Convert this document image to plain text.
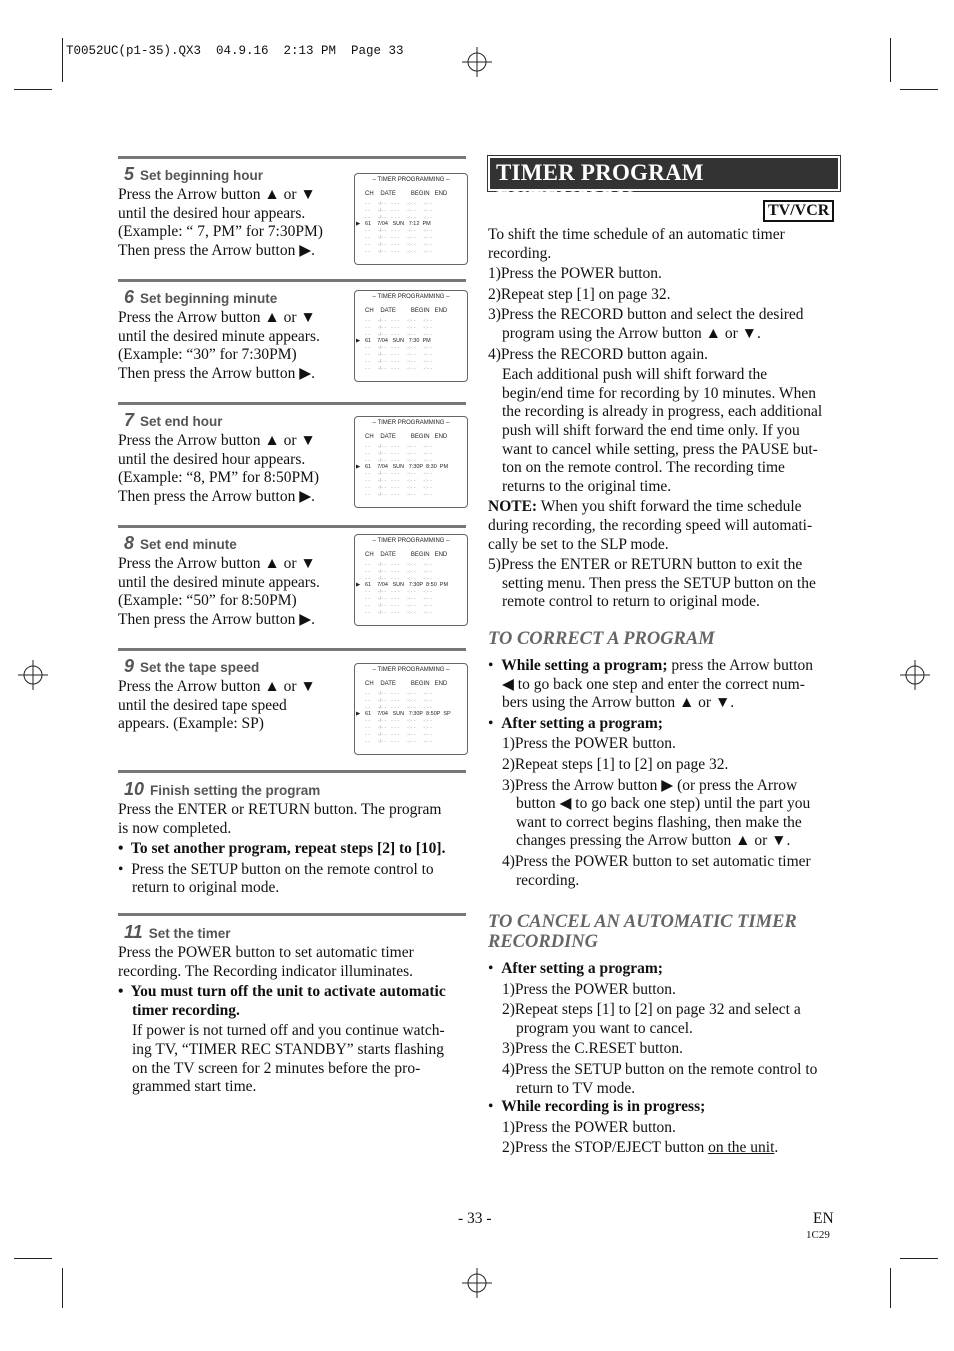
T0052UC(p1-35).QX3  04.9.16  2:13 PM  Page 33
5 Set beginning hour
Press the Arrow button ▲ or ▼
until the desired hour appears.
(Example: “ 7, PM” for 7:30PM)
Then press the Arrow button ▶.
– TIMER PROGRAMMING –
CH    DATE         BEGIN   END
- -     -/- -   - - -     -:- -     -:- -
- -     -/- -   - - -     -:- -     -:- -
- -     -/- -   - - -     -:- -     -:- -
▶ 61    7/04   SUN   7:12  PM
- -     -/- -   - - -     -:- -     -:- -
- -     -/- -   - - -     -:- -     -:- -
- -     -/- -   - - -     -:- -     -:- -
- -     -/- -   - - -     -:- -     -:- -
6 Set beginning minute
Press the Arrow button ▲ or ▼
until the desired minute appears.
(Example: “30” for 7:30PM)
Then press the Arrow button ▶.
– TIMER PROGRAMMING –
CH    DATE         BEGIN   END
- -     -/- -   - - -     -:- -     -:- -
- -     -/- -   - - -     -:- -     -:- -
- -     -/- -   - - -     -:- -     -:- -
▶ 61    7/04   SUN   7:30  PM
- -     -/- -   - - -     -:- -     -:- -
- -     -/- -   - - -     -:- -     -:- -
- -     -/- -   - - -     -:- -     -:- -
- -     -/- -   - - -     -:- -     -:- -
7 Set end hour
Press the Arrow button ▲ or ▼
until the desired hour appears.
(Example: “8, PM” for 8:50PM)
Then press the Arrow button ▶.
– TIMER PROGRAMMING –
CH    DATE         BEGIN   END
- -     -/- -   - - -     -:- -     -:- -
- -     -/- -   - - -     -:- -     -:- -
- -     -/- -   - - -     -:- -     -:- -
▶ 61    7/04   SUN   7:30P  8:30  PM
- -     -/- -   - - -     -:- -     -:- -
- -     -/- -   - - -     -:- -     -:- -
- -     -/- -   - - -     -:- -     -:- -
- -     -/- -   - - -     -:- -     -:- -
8 Set end minute
Press the Arrow button ▲ or ▼
until the desired minute appears.
(Example: “50” for 8:50PM)
Then press the Arrow button ▶.
– TIMER PROGRAMMING –
CH    DATE         BEGIN   END
- -     -/- -   - - -     -:- -     -:- -
- -     -/- -   - - -     -:- -     -:- -
- -     -/- -   - - -     -:- -     -:- -
▶ 61    7/04   SUN   7:30P  8:50  PM
- -     -/- -   - - -     -:- -     -:- -
- -     -/- -   - - -     -:- -     -:- -
- -     -/- -   - - -     -:- -     -:- -
- -     -/- -   - - -     -:- -     -:- -
9 Set the tape speed
Press the Arrow button ▲ or ▼
until the desired tape speed
appears. (Example: SP)
– TIMER PROGRAMMING –
CH    DATE         BEGIN   END
- -     -/- -   - - -     -:- -     -:- -
- -     -/- -   - - -     -:- -     -:- -
- -     -/- -   - - -     -:- -     -:- -
▶ 61    7/04   SUN   7:30P  8:50P  SP
- -     -/- -   - - -     -:- -     -:- -
- -     -/- -   - - -     -:- -     -:- -
- -     -/- -   - - -     -:- -     -:- -
- -     -/- -   - - -     -:- -     -:- -
10 Finish setting the program
Press the ENTER or RETURN button. The program
is now completed.
•  To set another program, repeat steps [2] to [10].
•  Press the SETUP button on the remote control to
return to original mode.
11 Set the timer
Press the POWER button to set automatic timer
recording. The Recording indicator illuminates.
•  You must turn off the unit to activate automatic
timer recording.
If power is not turned off and you continue watch-
ing TV, “TIMER REC STANDBY” starts flashing
on the TV screen for 2 minutes before the pro-
grammed start time.
TIMER PROGRAM EXTENSION	TV/VCR
To shift the time schedule of an automatic timer
recording.
1)Press the POWER button.
2)Repeat step [1] on page 32.
3)Press the RECORD button and select the desired
program using the Arrow button ▲ or ▼.
4)Press the RECORD button again.
Each additional push will shift forward the
begin/end time for recording by 10 minutes. When
the recording is already in progress, each additional
push will shift forward the end time only. If you
want to cancel while setting, press the PAUSE but-
ton on the remote control. The recording time
returns to the original time.
NOTE: When you shift forward the time schedule
during recording, the recording speed will automati-
cally be set to the SLP mode.
5)Press the ENTER or RETURN button to exit the
setting menu. Then press the SETUP button on the
remote control to return to original mode.
TO CORRECT A PROGRAM
•  While setting a program; press the Arrow button
◀ to go back one step and enter the correct num-
bers using the Arrow button ▲ or ▼.
•  After setting a program;
1)Press the POWER button.
2)Repeat steps [1] to [2] on page 32.
3)Press the Arrow button ▶ (or press the Arrow
button ◀ to go back one step) until the part you
want to correct begins flashing, then make the
changes pressing the Arrow button ▲ or ▼.
4)Press the POWER button to set automatic timer
recording.
TO CANCEL AN AUTOMATIC TIMER
RECORDING
•  After setting a program;
1)Press the POWER button.
2)Repeat steps [1] to [2] on page 32 and select a
program you want to cancel.
3)Press the C.RESET button.
4)Press the SETUP button on the remote control to
return to TV mode.
•  While recording is in progress;
1)Press the POWER button.
2)Press the STOP/EJECT button on the unit.
- 33 -	EN
1C29
